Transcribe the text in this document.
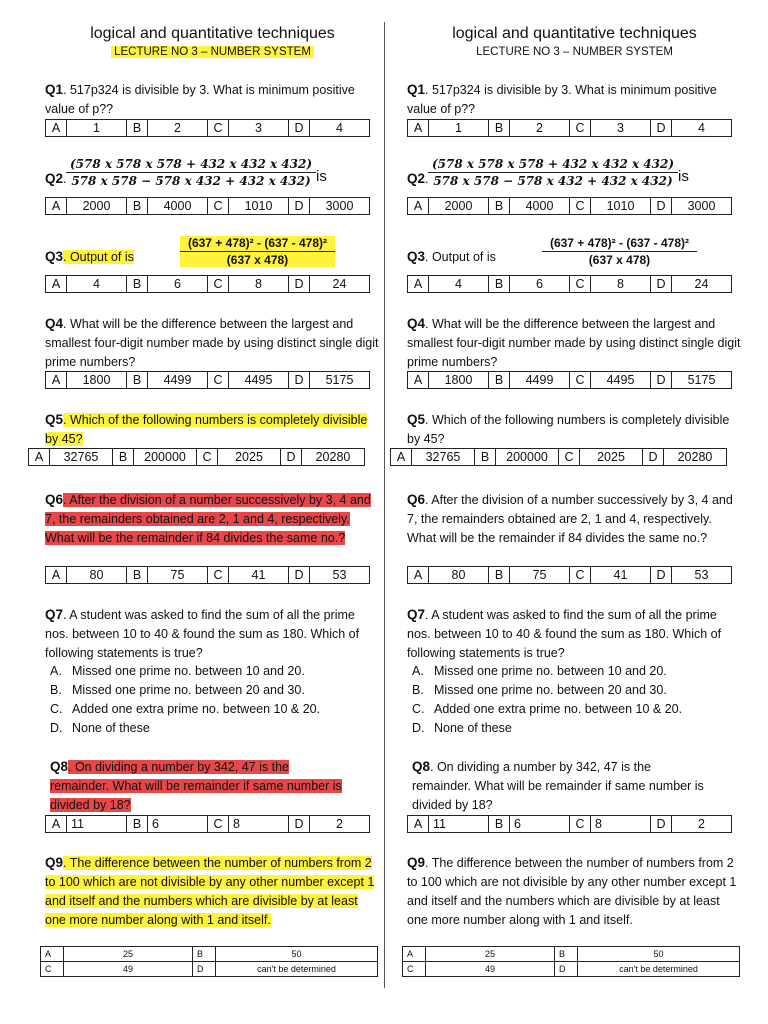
logical and quantitative techniques
LECTURE NO 3 – NUMBER SYSTEM
Q1. 517p324 is divisible by 3. What is minimum positive value of p??
A	1	B	2	C	3	D	4
Q2.
(578 x 578 x 578 + 432 x 432 x 432)
578 x 578 − 578 x 432 + 432 x 432) is
A	2000	B	4000	C	1010	D	3000
Q3. Output of is
(637 + 478)² - (637 - 478)²
(637 x 478)
A	4	B	6	C	8	D	24
Q4. What will be the difference between the largest and smallest four-digit number made by using distinct single digit prime numbers?
A	1800	B	4499	C	4495	D	5175
Q5. Which of the following numbers is completely divisible by 45?
A	32765	B	200000	C	2025	D	20280
Q6. After the division of a number successively by 3, 4 and 7, the remainders obtained are 2, 1 and 4, respectively. What will be the remainder if 84 divides the same no.?
A	80	B	75	C	41	D	53
Q7. A student was asked to find the sum of all the prime nos. between 10 to 40 & found the sum as 180. Which of following statements is true?
A. Missed one prime no. between 10 and 20.
B. Missed one prime no. between 20 and 30.
C. Added one extra prime no. between 10 & 20.
D. None of these
Q8. On dividing a number by 342, 47 is the remainder. What will be remainder if same number is divided by 18?
A	11	B	6	C	8	D	2
Q9. The difference between the number of numbers from 2 to 100 which are not divisible by any other number except 1 and itself and the numbers which are divisible by at least one more number along with 1 and itself.
A	25	B	50
C	49	D	can't be determined
logical and quantitative techniques
LECTURE NO 3 – NUMBER SYSTEM
Q1. 517p324 is divisible by 3. What is minimum positive value of p??
A	1	B	2	C	3	D	4
Q2.
(578 x 578 x 578 + 432 x 432 x 432)
578 x 578 − 578 x 432 + 432 x 432) is
A	2000	B	4000	C	1010	D	3000
Q3. Output of is
(637 + 478)² - (637 - 478)²
(637 x 478)
A	4	B	6	C	8	D	24
Q4. What will be the difference between the largest and smallest four-digit number made by using distinct single digit prime numbers?
A	1800	B	4499	C	4495	D	5175
Q5. Which of the following numbers is completely divisible by 45?
A	32765	B	200000	C	2025	D	20280
Q6. After the division of a number successively by 3, 4 and 7, the remainders obtained are 2, 1 and 4, respectively. What will be the remainder if 84 divides the same no.?
A	80	B	75	C	41	D	53
Q7. A student was asked to find the sum of all the prime nos. between 10 to 40 & found the sum as 180. Which of following statements is true?
A. Missed one prime no. between 10 and 20.
B. Missed one prime no. between 20 and 30.
C. Added one extra prime no. between 10 & 20.
D. None of these
Q8. On dividing a number by 342, 47 is the remainder. What will be remainder if same number is divided by 18?
A	11	B	6	C	8	D	2
Q9. The difference between the number of numbers from 2 to 100 which are not divisible by any other number except 1 and itself and the numbers which are divisible by at least one more number along with 1 and itself.
A	25	B	50
C	49	D	can't be determined
